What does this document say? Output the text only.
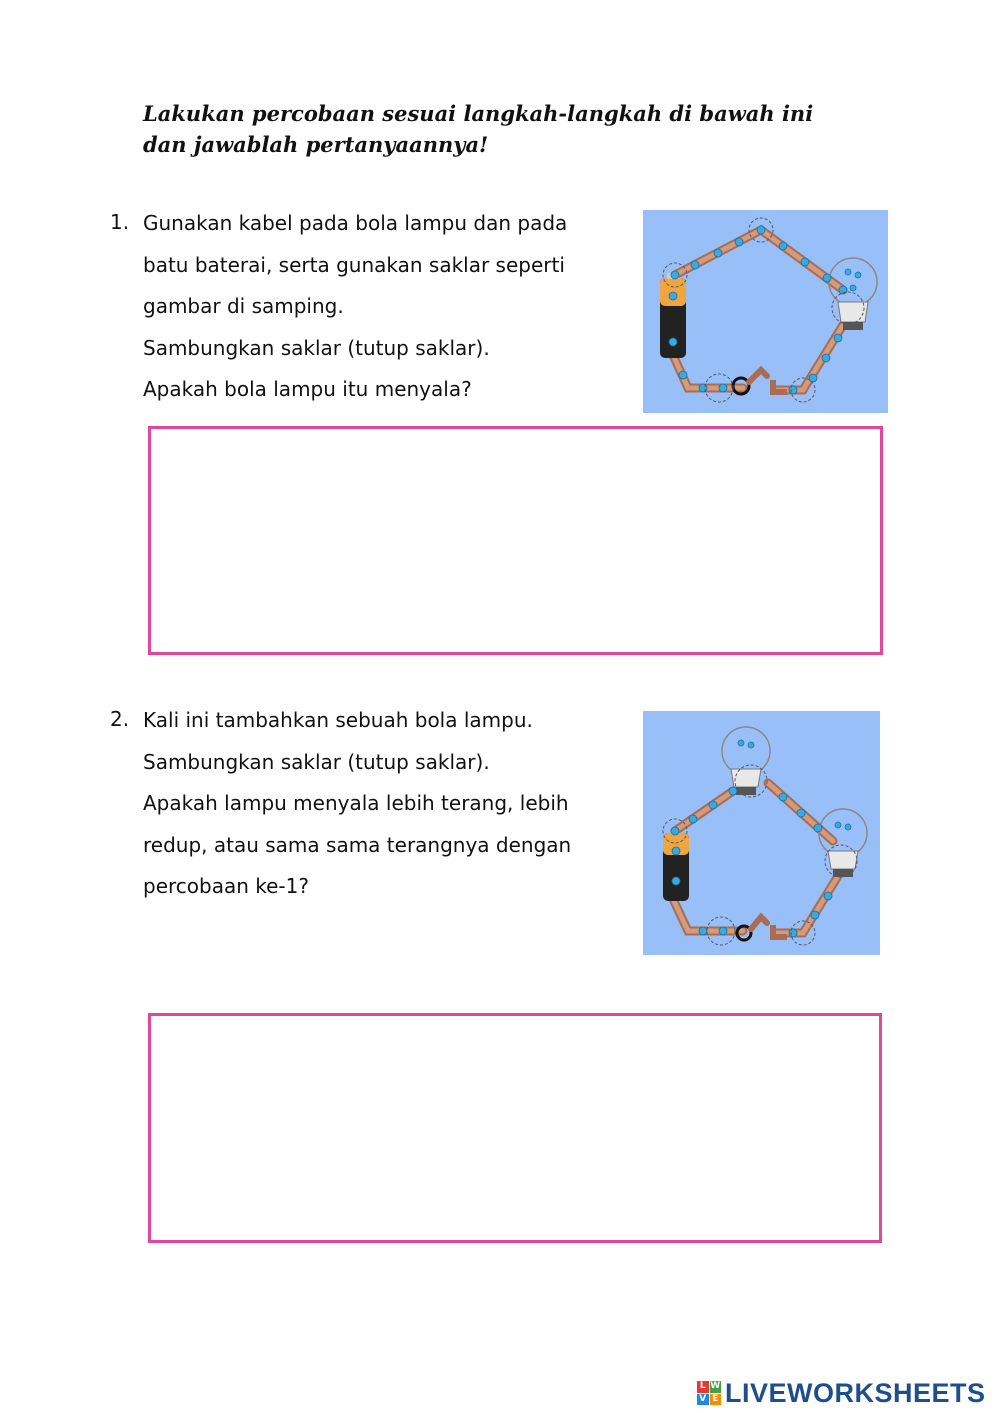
Lakukan percobaan sesuai langkah-langkah di bawah ini
dan jawablah pertanyaannya!

1. Gunakan kabel pada bola lampu dan pada
batu baterai, serta gunakan saklar seperti
gambar di samping.
Sambungkan saklar (tutup saklar).
Apakah bola lampu itu menyala?
2. Kali ini tambahkan sebuah bola lampu.
Sambungkan saklar (tutup saklar).
Apakah lampu menyala lebih terang, lebih
redup, atau sama sama terangnya dengan
percobaan ke-1?
L W
V E LIVEWORKSHEETS
